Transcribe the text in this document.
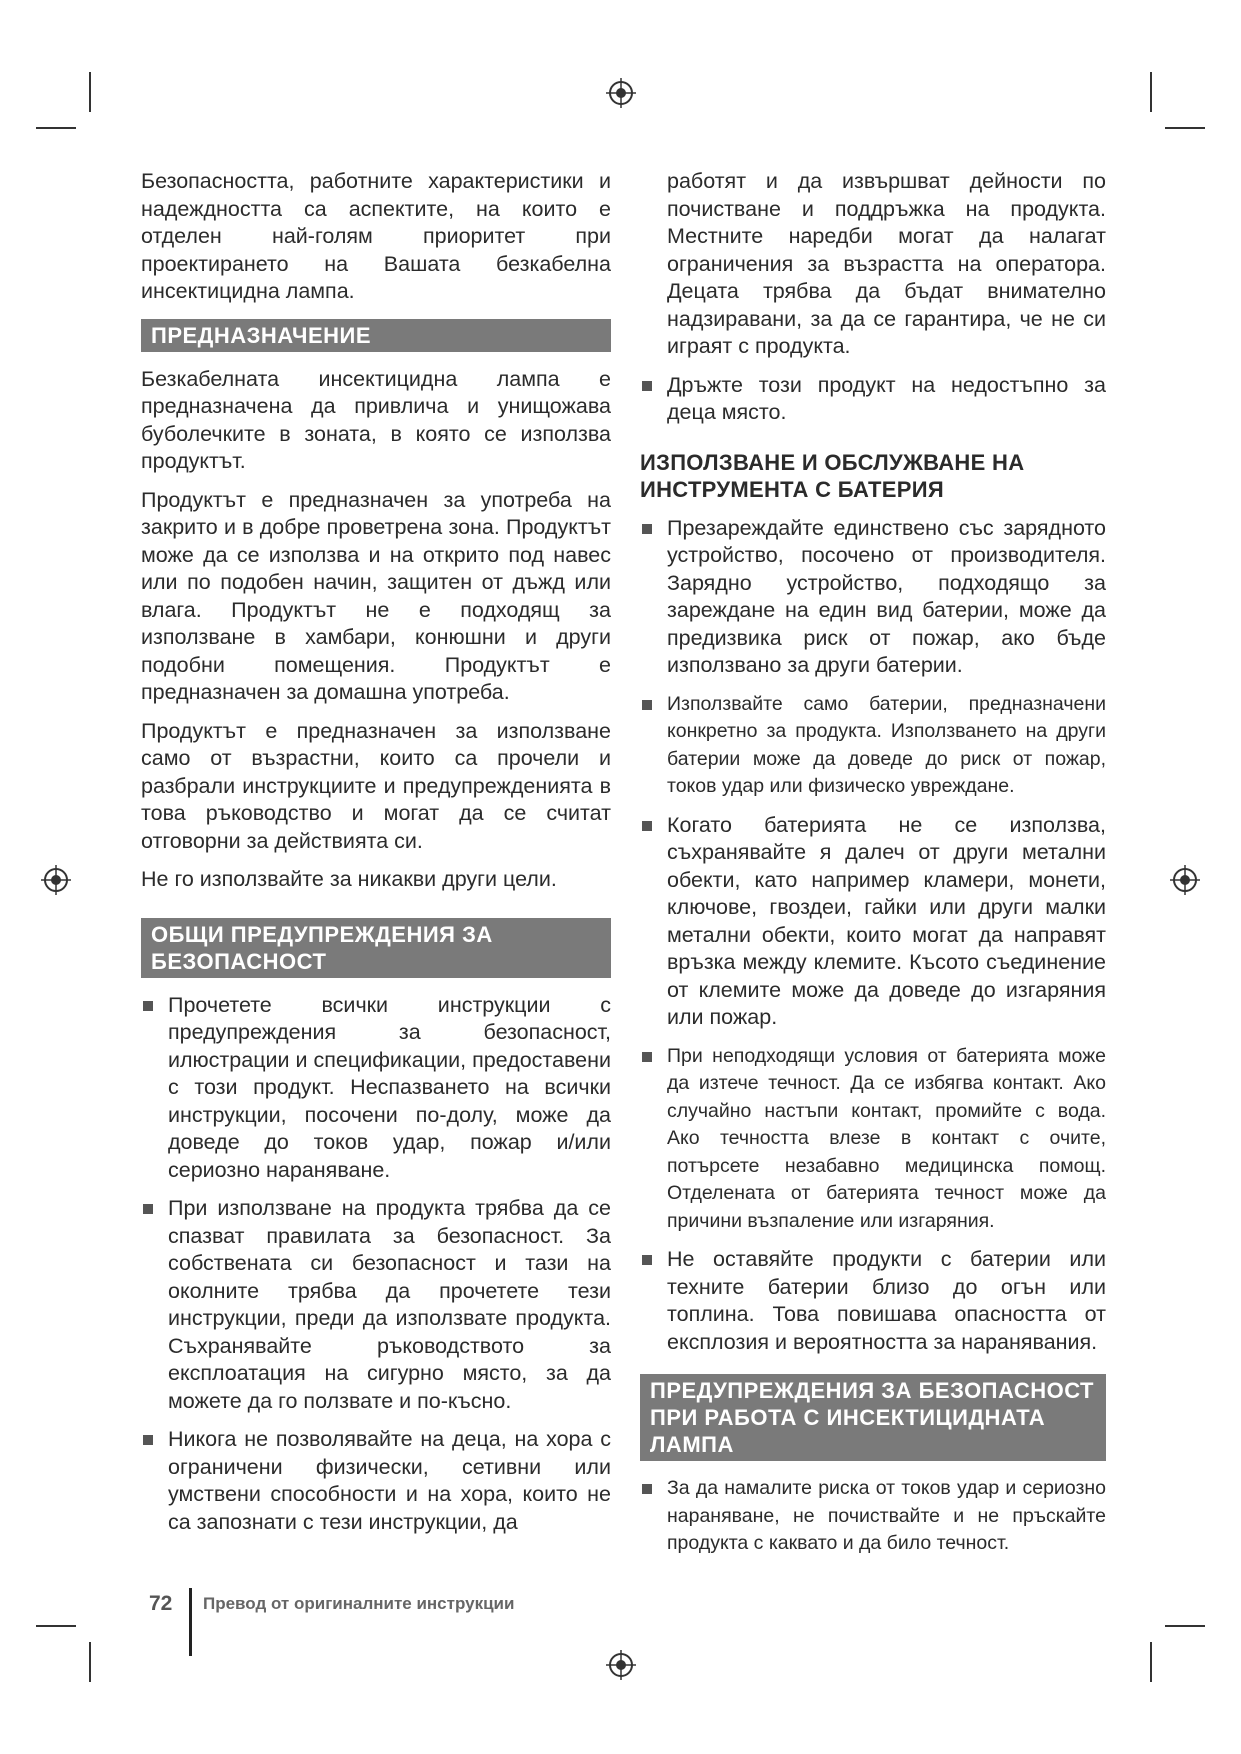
Безопасността, работните характеристики и надеждността са аспектите, на които е отделен най-голям приоритет при проектирането на Вашата безкабелна инсектицидна лампа.

ПРЕДНАЗНАЧЕНИЕ

Безкабелната инсектицидна лампа е предназначена да привлича и унищожава буболечките в зоната, в която се използва продуктът.

Продуктът е предназначен за употреба на закрито и в добре проветрена зона. Продуктът може да се използва и на открито под навес или по подобен начин, защитен от дъжд или влага. Продуктът не е подходящ за използване в хамбари, конюшни и други подобни помещения. Продуктът е предназначен за домашна употреба.

Продуктът е предназначен за използване само от възрастни, които са прочели и разбрали инструкциите и предупрежденията в това ръководство и могат да се считат отговорни за действията си.

Не го използвайте за никакви други цели.

ОБЩИ ПРЕДУПРЕЖДЕНИЯ ЗА
БЕЗОПАСНОСТ
Прочетете всички инструкции с предупреждения за безопасност, илюстрации и спецификации, предоставени с този продукт. Неспазването на всички инструкции, посочени по-долу, може да доведе до токов удар, пожар и/или сериозно нараняване.
При използване на продукта трябва да се спазват правилата за безопасност. За собствената си безопасност и тази на околните трябва да прочетете тези инструкции, преди да използвате продукта. Съхранявайте ръководството за експлоатация на сигурно място, за да можете да го ползвате и по-късно.
Никога не позволявайте на деца, на хора с ограничени физически, сетивни или умствени способности и на хора, които не са запознати с тези инструкции, да

работят и да извършват дейности по почистване и поддръжка на продукта. Местните наредби могат да налагат ограничения за възрастта на оператора. Децата трябва да бъдат внимателно надзиравани, за да се гарантира, че не си играят с продукта.

Дръжте този продукт на недостъпно за деца място.
ИЗПОЛЗВАНЕ И ОБСЛУЖВАНЕ НА
ИНСТРУМЕНТА С БАТЕРИЯ
Презареждайте единствено със зарядното устройство, посочено от производителя. Зарядно устройство, подходящо за зареждане на един вид батерии, може да предизвика риск от пожар, ако бъде използвано за други батерии.
Използвайте само батерии, предназначени конкретно за продукта. Използването на други батерии може да доведе до риск от пожар, токов удар или физическо увреждане.
Когато батерията не се използва, съхранявайте я далеч от други метални обекти, като например кламери, монети, ключове, гвоздеи, гайки или други малки метални обекти, които могат да направят връзка между клемите. Късото съединение от клемите може да доведе до изгаряния или пожар.
При неподходящи условия от батерията може да изтече течност. Да се избягва контакт. Ако случайно настъпи контакт, промийте с вода. Ако течността влезе в контакт с очите, потърсете незабавно медицинска помощ. Отделената от батерията течност може да причини възпаление или изгаряния.
Не оставяйте продукти с батерии или техните батерии близо до огън или топлина. Това повишава опасността от експлозия и вероятността за наранявания.
ПРЕДУПРЕЖДЕНИЯ ЗА БЕЗОПАСНОСТ
ПРИ РАБОТА С ИНСЕКТИЦИДНАТА
ЛАМПА
За да намалите риска от токов удар и сериозно нараняване, не почиствайте и не пръскайте продукта с каквато и да било течност.
72 Превод от оригиналните инструкции
